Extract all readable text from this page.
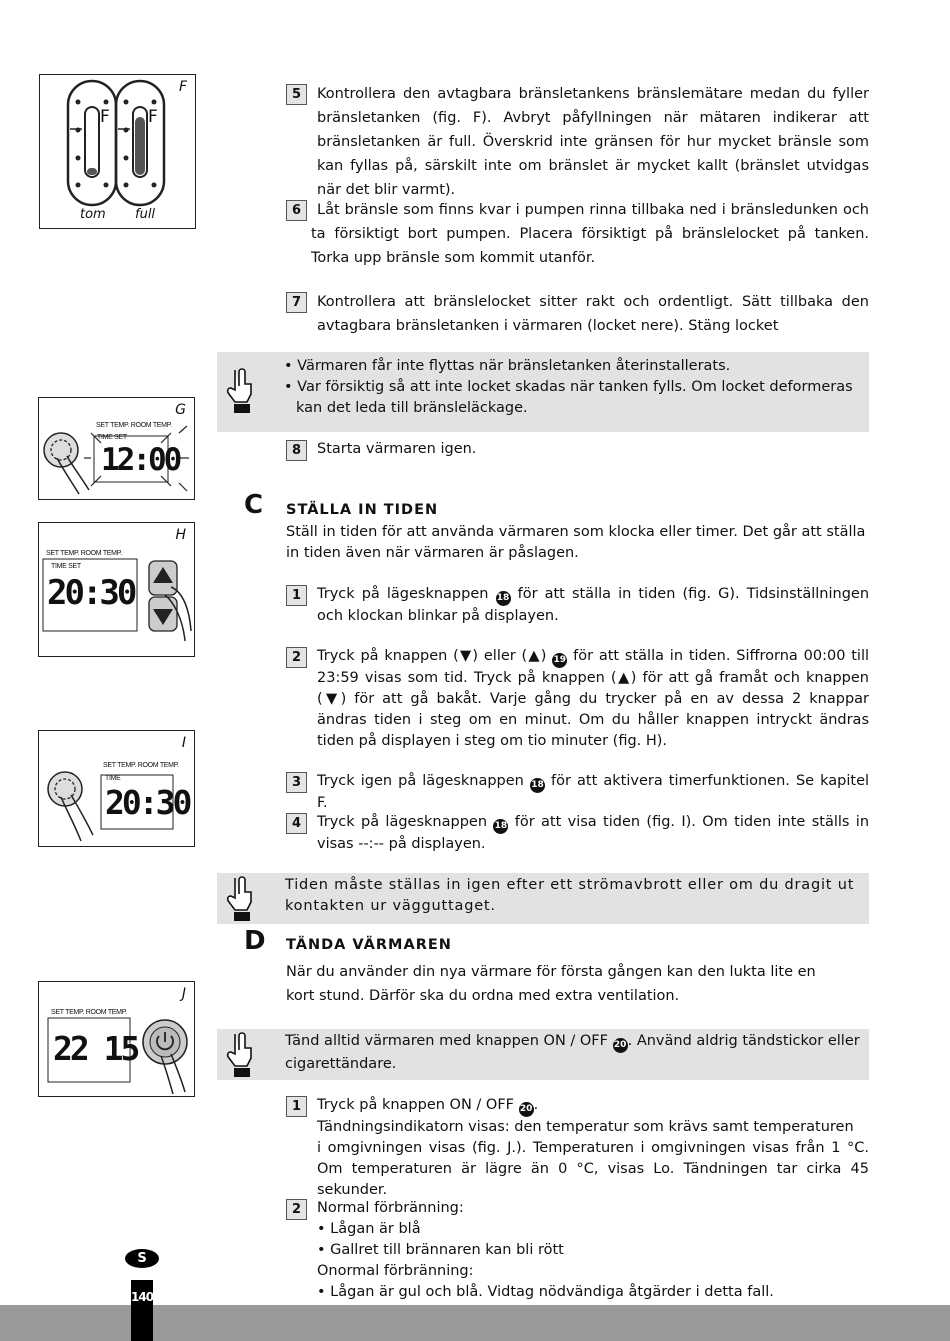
F
F F
tom full
G
SET TEMP. ROOM TEMP.
TIME SET
12:00
H
SET TEMP. ROOM TEMP.
TIME SET
20:30
I
SET TEMP. ROOM TEMP.
TIME
20:30
J
SET TEMP. ROOM TEMP.
22 15
5	Kontrollera den avtagbara bränsletankens bränslemätare medan du fyller bränsletanken (fig. F). Avbryt påfyllningen när mätaren indikerar att bränsletanken är full. Överskrid inte gränsen för hur mycket bränsle som kan fyllas på, särskilt inte om bränslet är mycket kallt (bränslet utvidgas när det blir varmt).
6	Låt bränsle som finns kvar i pumpen rinna tillbaka ned i bränsledunken och ta försiktigt bort pumpen. Placera försiktigt på bränslelocket på tanken. Torka upp bränsle som kommit utanför.
7	Kontrollera att bränslelocket sitter rakt och ordentligt. Sätt tillbaka den avtagbara bränsletanken i värmaren (locket nere). Stäng locket
• Värmaren får inte flyttas när bränsletanken återinstallerats.
• Var försiktig så att inte locket skadas när tanken fylls. Om locket deformeras kan det leda till bränsleläckage.
8	Starta värmaren igen.
C STÄLLA IN TIDEN
Ställ in tiden för att använda värmaren som klocka eller timer. Det går att ställa in tiden även när värmaren är påslagen.
1	Tryck på lägesknappen 18 för att ställa in tiden (fig. G). Tidsinställningen och klockan blinkar på displayen.
2	Tryck på knappen (▼) eller (▲) 19 för att ställa in tiden. Siffrorna 00:00 till 23:59 visas som tid. Tryck på knappen (▲) för att gå framåt och knappen (▼) för att gå bakåt. Varje gång du trycker på en av dessa 2 knappar ändras tiden i steg om en minut. Om du håller knappen intryckt ändras tiden på displayen i steg om tio minuter (fig. H).
3	Tryck igen på lägesknappen 18 för att aktivera timerfunktionen. Se kapitel F.
4	Tryck på lägesknappen 18 för att visa tiden (fig. I). Om tiden inte ställs in visas --:-- på displayen.
Tiden måste ställas in igen efter ett strömavbrott eller om du dragit ut kontakten ur vägguttaget.
D TÄNDA VÄRMAREN
När du använder din nya värmare för första gången kan den lukta lite en kort stund. Därför ska du ordna med extra ventilation.
Tänd alltid värmaren med knappen ON / OFF 20. Använd aldrig tändstickor eller cigarettändare.
1	Tryck på knappen ON / OFF 20.
Tändningsindikatorn visas: den temperatur som krävs samt temperaturen
i omgivningen visas (fig. J.). Temperaturen i omgivningen visas från 1 °C. Om temperaturen är lägre än 0 °C, visas Lo. Tändningen tar cirka 45 sekunder.
2	Normal förbränning:
• Lågan är blå
• Gallret till brännaren kan bli rött
Onormal förbränning:
• Lågan är gul och blå. Vidtag nödvändiga åtgärder i detta fall.
140
S
